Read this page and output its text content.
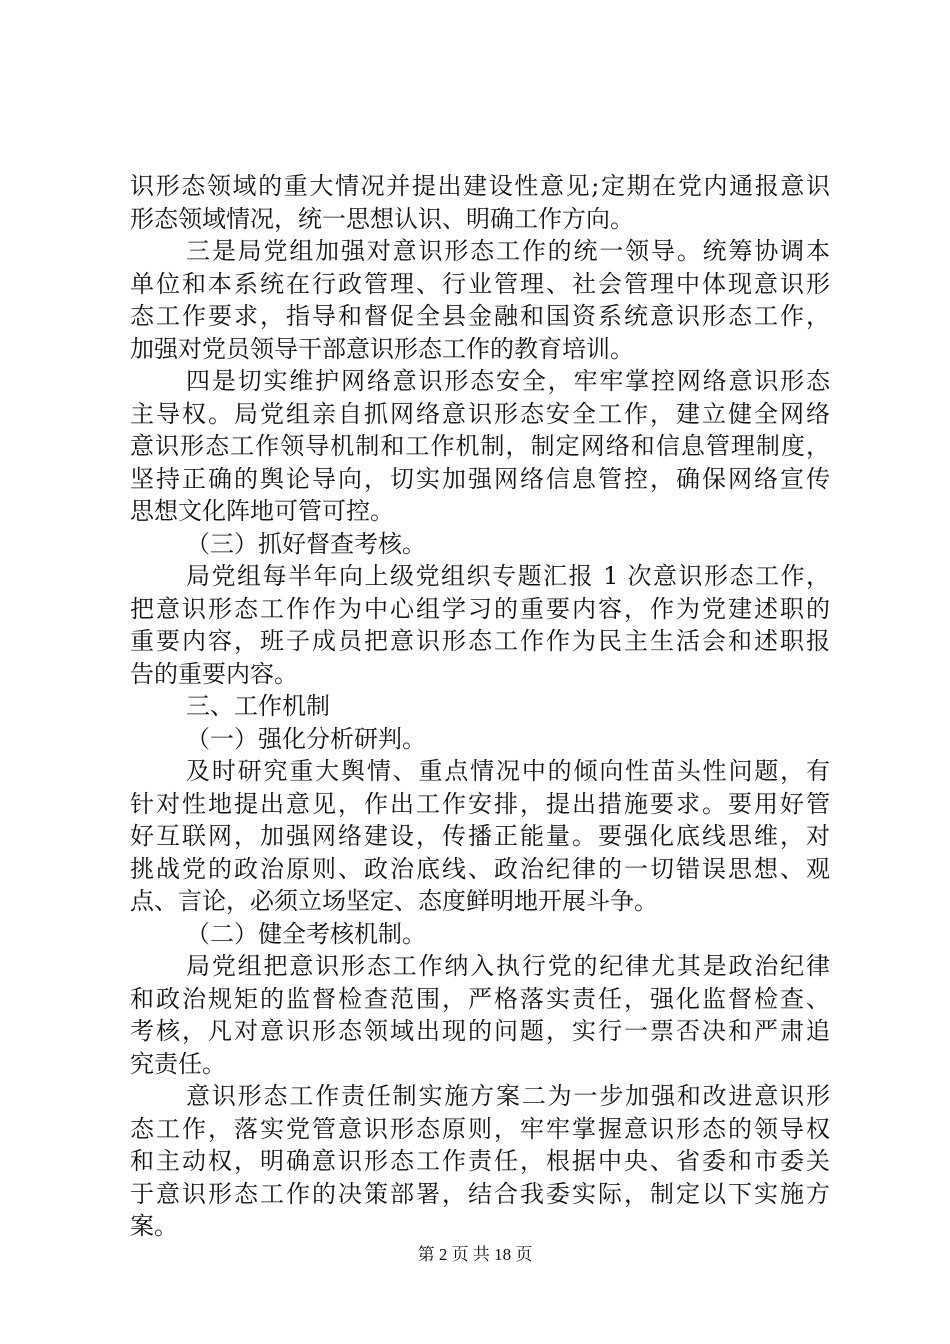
识形态领域的重大情况并提出建设性意见;定期在党内通报意识
形态领域情况，统一思想认识、明确工作方向。
三是局党组加强对意识形态工作的统一领导。统筹协调本
单位和本系统在行政管理、行业管理、社会管理中体现意识形
态工作要求，指导和督促全县金融和国资系统意识形态工作，
加强对党员领导干部意识形态工作的教育培训。
四是切实维护网络意识形态安全，牢牢掌控网络意识形态
主导权。局党组亲自抓网络意识形态安全工作，建立健全网络
意识形态工作领导机制和工作机制，制定网络和信息管理制度，
坚持正确的舆论导向，切实加强网络信息管控，确保网络宣传
思想文化阵地可管可控。
（三）抓好督查考核。
局党组每半年向上级党组织专题汇报 1 次意识形态工作，
把意识形态工作作为中心组学习的重要内容，作为党建述职的
重要内容，班子成员把意识形态工作作为民主生活会和述职报
告的重要内容。
三、工作机制
（一）强化分析研判。
及时研究重大舆情、重点情况中的倾向性苗头性问题，有
针对性地提出意见，作出工作安排，提出措施要求。要用好管
好互联网，加强网络建设，传播正能量。要强化底线思维，对
挑战党的政治原则、政治底线、政治纪律的一切错误思想、观
点、言论，必须立场坚定、态度鲜明地开展斗争。
（二）健全考核机制。
局党组把意识形态工作纳入执行党的纪律尤其是政治纪律
和政治规矩的监督检查范围，严格落实责任，强化监督检查、
考核，凡对意识形态领域出现的问题，实行一票否决和严肃追
究责任。
意识形态工作责任制实施方案二为一步加强和改进意识形
态工作，落实党管意识形态原则，牢牢掌握意识形态的领导权
和主动权，明确意识形态工作责任，根据中央、省委和市委关
于意识形态工作的决策部署，结合我委实际，制定以下实施方
案。
第 2 页 共 18 页
